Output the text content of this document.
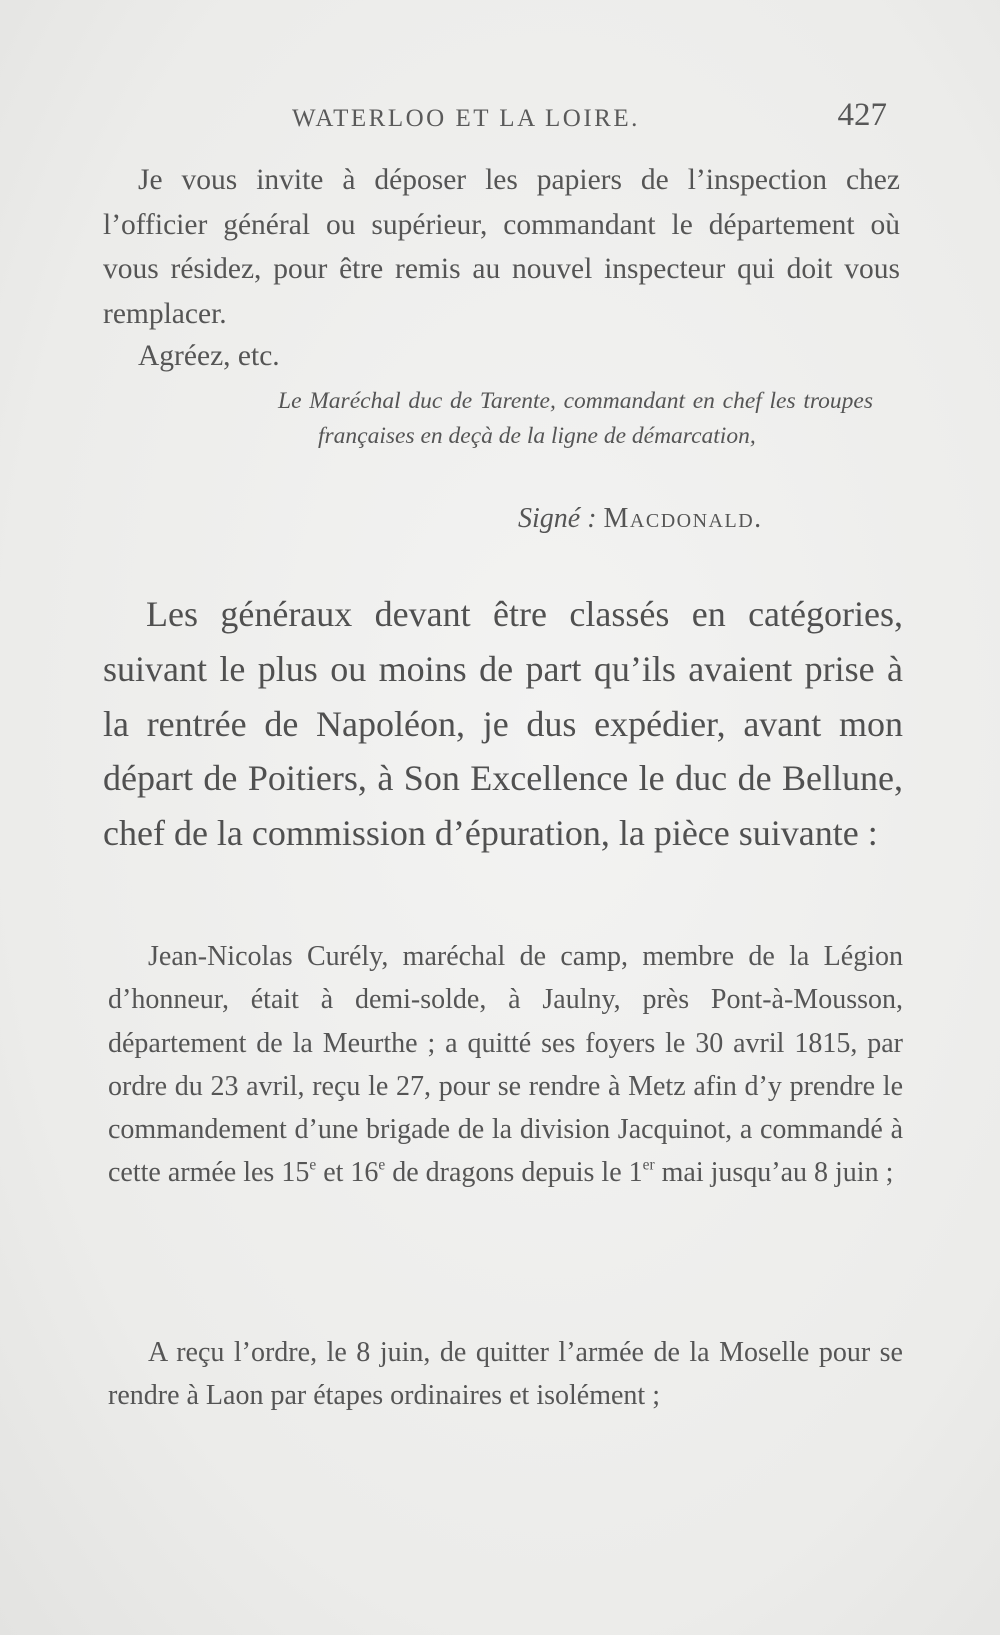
WATERLOO ET LA LOIRE.	427

Je vous invite à déposer les papiers de l’inspection chez l’officier général ou supérieur, commandant le département où vous résidez, pour être remis au nouvel inspecteur qui doit vous remplacer.

Agréez, etc.

Le Maréchal duc de Tarente, commandant en chef les troupes françaises en deçà de la ligne de démarcation,

Signé : Macdonald.

Les généraux devant être classés en catégories, suivant le plus ou moins de part qu’ils avaient prise à la rentrée de Napoléon, je dus expédier, avant mon départ de Poitiers, à Son Excellence le duc de Bellune, chef de la commission d’épuration, la pièce suivante :

Jean-Nicolas Curély, maréchal de camp, membre de la Légion d’honneur, était à demi-solde, à Jaulny, près Pont-à-Mousson, département de la Meurthe ; a quitté ses foyers le 30 avril 1815, par ordre du 23 avril, reçu le 27, pour se rendre à Metz afin d’y prendre le commandement d’une brigade de la division Jacquinot, a commandé à cette armée les 15e et 16e de dragons depuis le 1er mai jusqu’au 8 juin ;

A reçu l’ordre, le 8 juin, de quitter l’armée de la Moselle pour se rendre à Laon par étapes ordinaires et isolément ;
